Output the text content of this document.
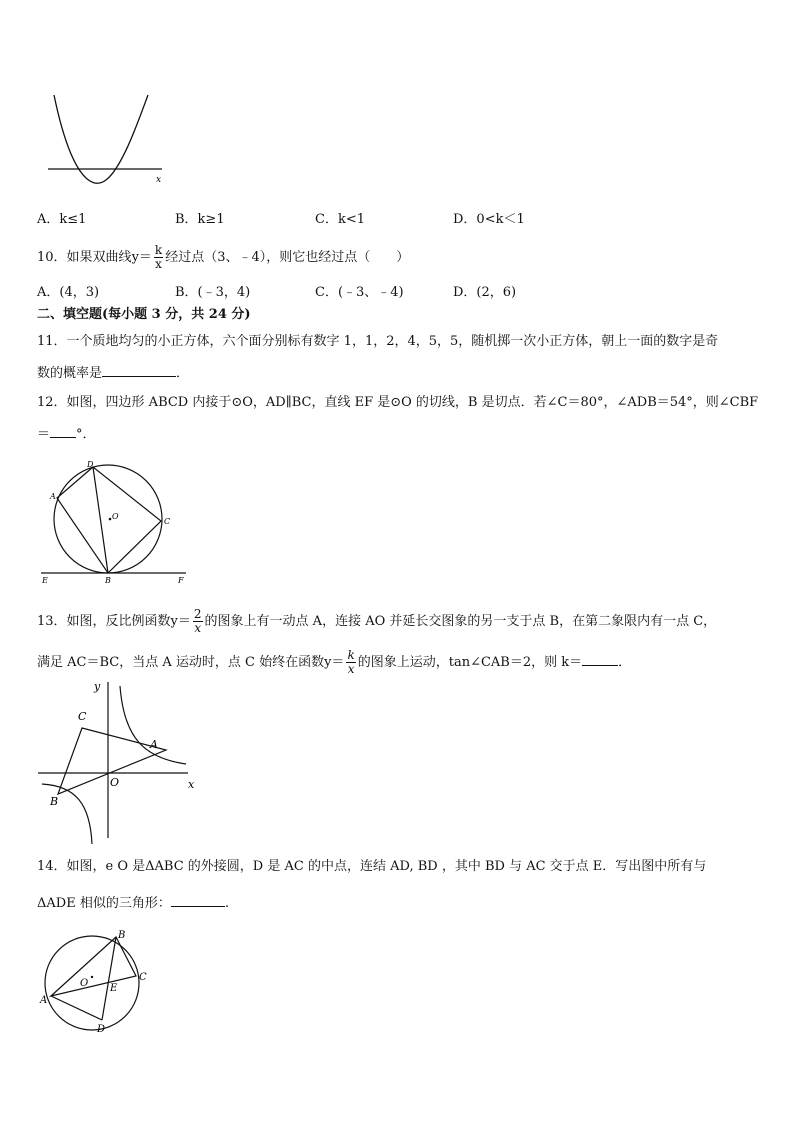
x
A．k≤1	B．k≥1	C．k<1	D．0<k＜1
10．如果双曲线$y= \frac{k}{x}$ 经过点（3、﹣4），则它也经过点（　　）
A．(4，3)	B．(﹣3，4)	C．(﹣3、﹣4)	D．(2，6)
二、填空题(每小题 3 分，共 24 分)
11．一个质地均匀的小正方体，六个面分别标有数字 1，1，2，4，5，5，随机掷一次小正方体，朝上一面的数字是奇
数的概率是	．
12．如图，四边形 ABCD 内接于⊙O，AD∥BC，直线 EF 是⊙O 的切线，B 是切点．若∠C＝80°，∠ADB＝54°，则∠CBF
＝ °．
D
A
O
C
E	B	F
13．如图，反比例函数$y= \frac{2}{x}$ 的图象上有一动点 A，连接 AO 并延长交图象的另一支于点 B，在第二象限内有一点 C，
满足 AC＝BC，当点 A 运动时，点 C 始终在函数$y= \frac{k}{x}$ 的图象上运动，tan∠CAB＝2，则 k＝	．
y
C
A
O	x
B
14．如图，e O 是ΔABC 的外接圆，D 是 AC 的中点，连结 AD, BD ，其中 BD 与 AC 交于点 E．写出图中所有与
ΔADE 相似的三角形：	.
B
O
C
E
A
D
